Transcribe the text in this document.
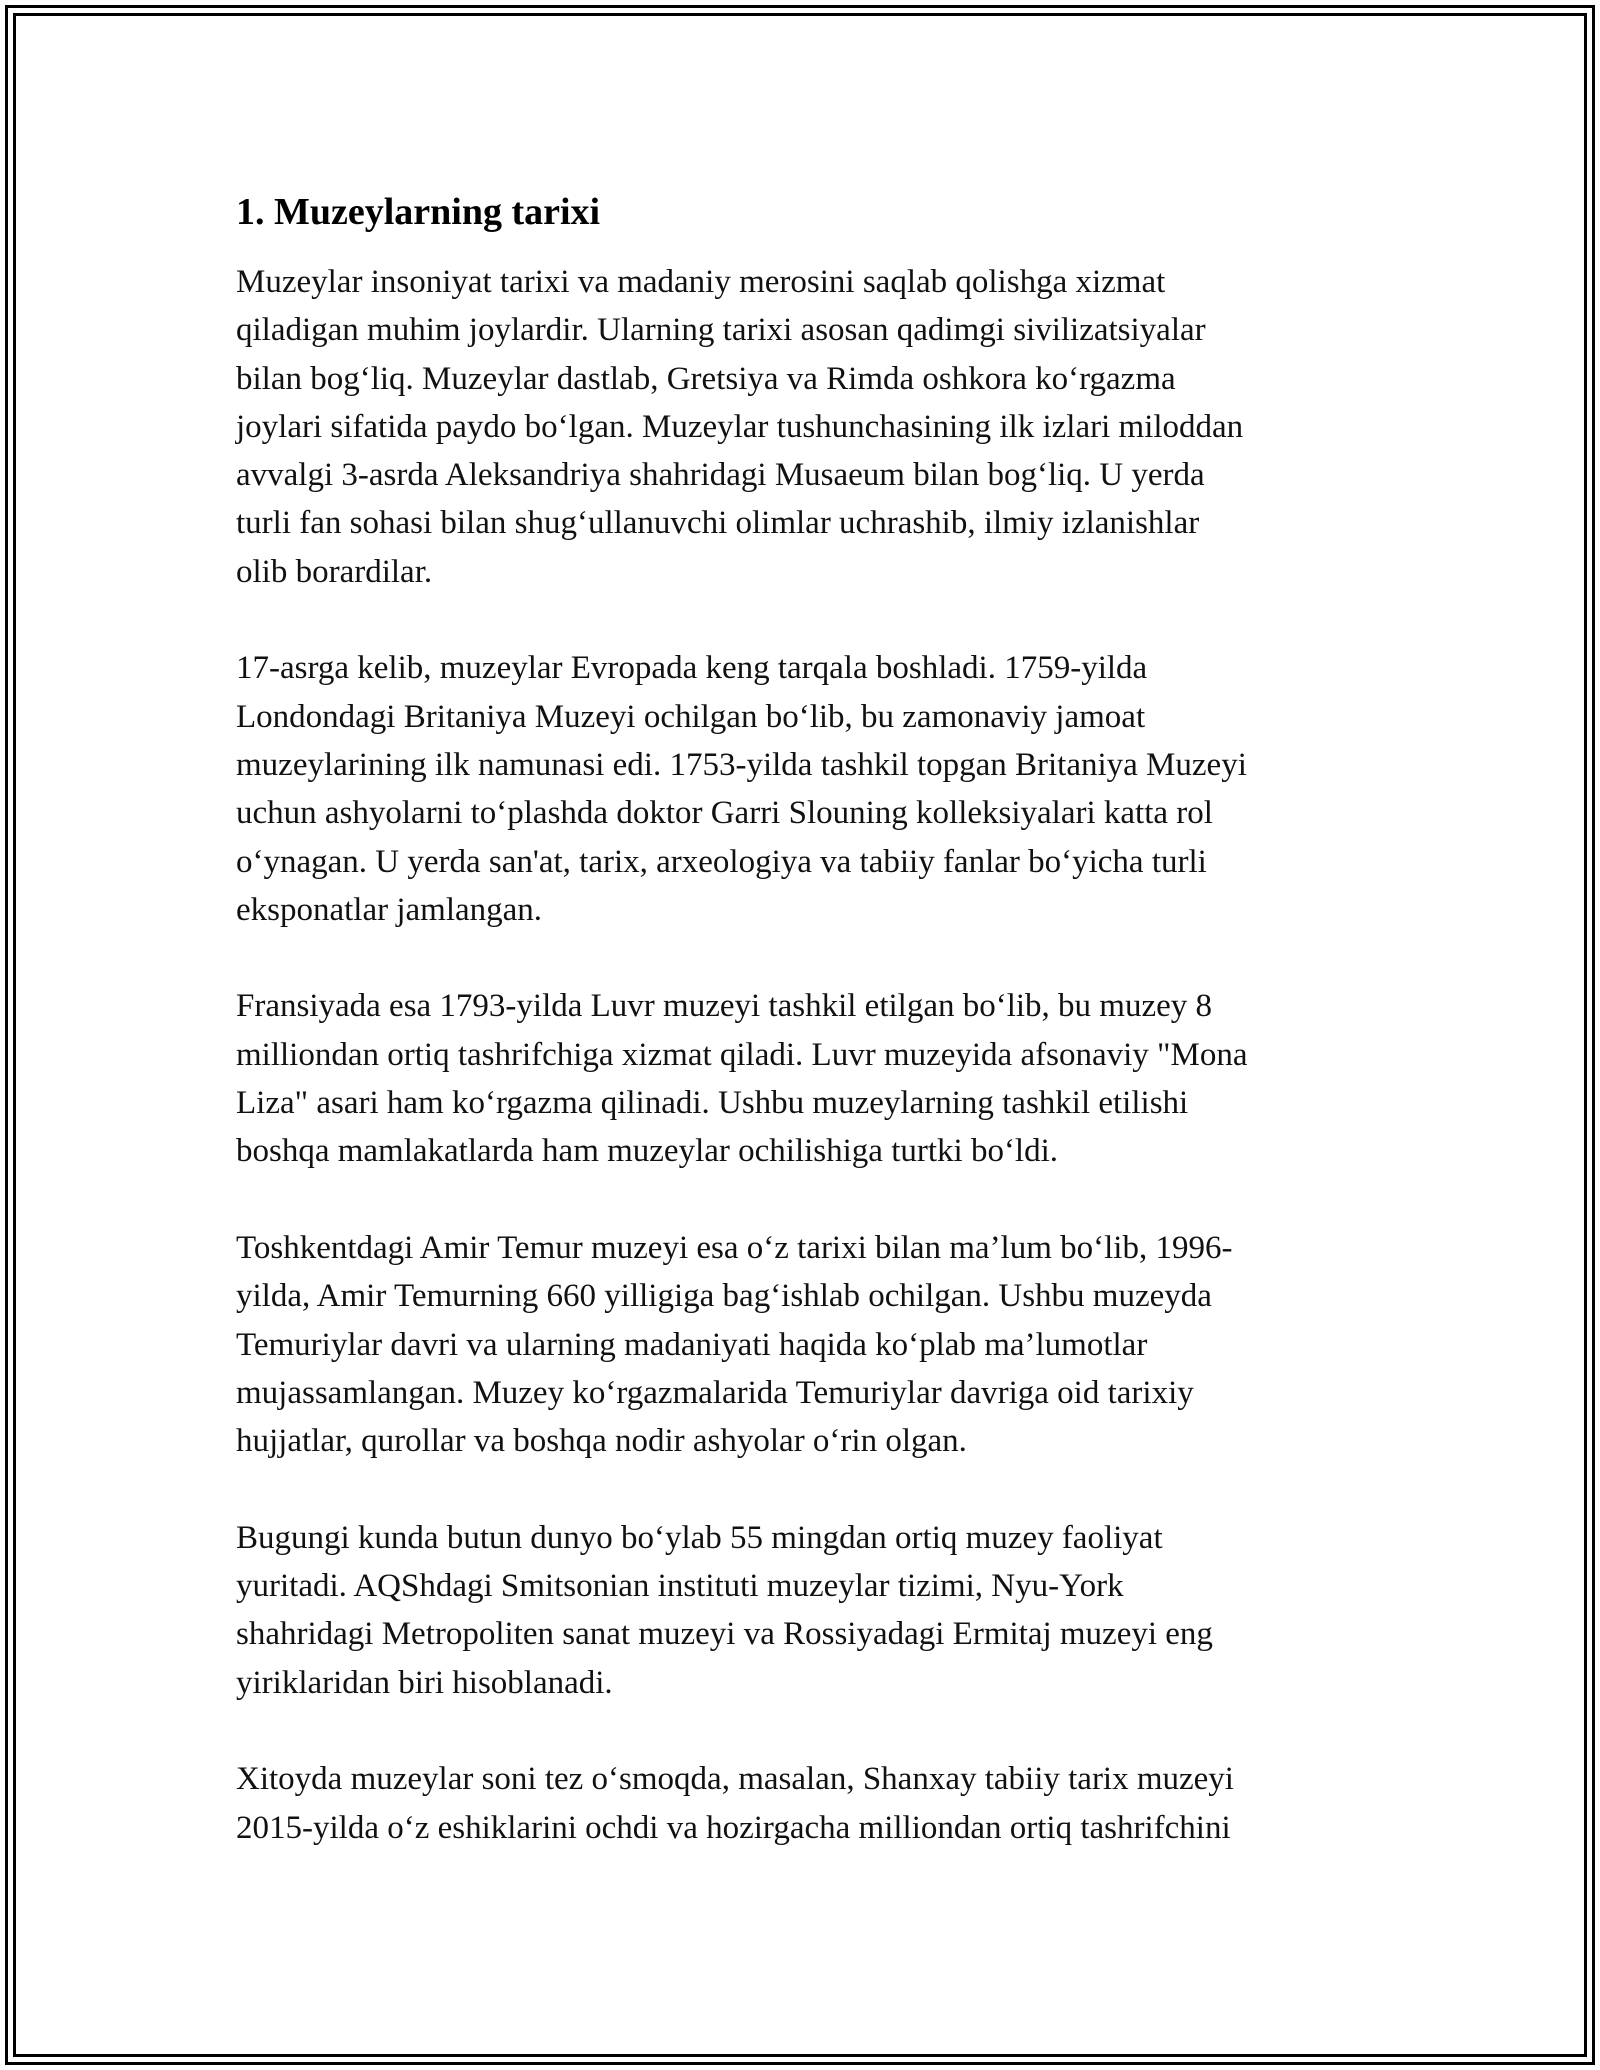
1. Muzeylarning tarixi

Muzeylar insoniyat tarixi va madaniy merosini saqlab qolishga xizmat
qiladigan muhim joylardir. Ularning tarixi asosan qadimgi sivilizatsiyalar
bilan bog‘liq. Muzeylar dastlab, Gretsiya va Rimda oshkora ko‘rgazma
joylari sifatida paydo bo‘lgan. Muzeylar tushunchasining ilk izlari miloddan
avvalgi 3-asrda Aleksandriya shahridagi Musaeum bilan bog‘liq. U yerda
turli fan sohasi bilan shug‘ullanuvchi olimlar uchrashib, ilmiy izlanishlar
olib borardilar.

17-asrga kelib, muzeylar Evropada keng tarqala boshladi. 1759-yilda
Londondagi Britaniya Muzeyi ochilgan bo‘lib, bu zamonaviy jamoat
muzeylarining ilk namunasi edi. 1753-yilda tashkil topgan Britaniya Muzeyi
uchun ashyolarni to‘plashda doktor Garri Slouning kolleksiyalari katta rol
o‘ynagan. U yerda san'at, tarix, arxeologiya va tabiiy fanlar bo‘yicha turli
eksponatlar jamlangan.

Fransiyada esa 1793-yilda Luvr muzeyi tashkil etilgan bo‘lib, bu muzey 8
milliondan ortiq tashrifchiga xizmat qiladi. Luvr muzeyida afsonaviy "Mona
Liza" asari ham ko‘rgazma qilinadi. Ushbu muzeylarning tashkil etilishi
boshqa mamlakatlarda ham muzeylar ochilishiga turtki bo‘ldi.

Toshkentdagi Amir Temur muzeyi esa o‘z tarixi bilan ma’lum bo‘lib, 1996-
yilda, Amir Temurning 660 yilligiga bag‘ishlab ochilgan. Ushbu muzeyda
Temuriylar davri va ularning madaniyati haqida ko‘plab ma’lumotlar
mujassamlangan. Muzey ko‘rgazmalarida Temuriylar davriga oid tarixiy
hujjatlar, qurollar va boshqa nodir ashyolar o‘rin olgan.

Bugungi kunda butun dunyo bo‘ylab 55 mingdan ortiq muzey faoliyat
yuritadi. AQShdagi Smitsonian instituti muzeylar tizimi, Nyu-York
shahridagi Metropoliten sanat muzeyi va Rossiyadagi Ermitaj muzeyi eng
yiriklaridan biri hisoblanadi.

Xitoyda muzeylar soni tez o‘smoqda, masalan, Shanxay tabiiy tarix muzeyi
2015-yilda o‘z eshiklarini ochdi va hozirgacha milliondan ortiq tashrifchini
